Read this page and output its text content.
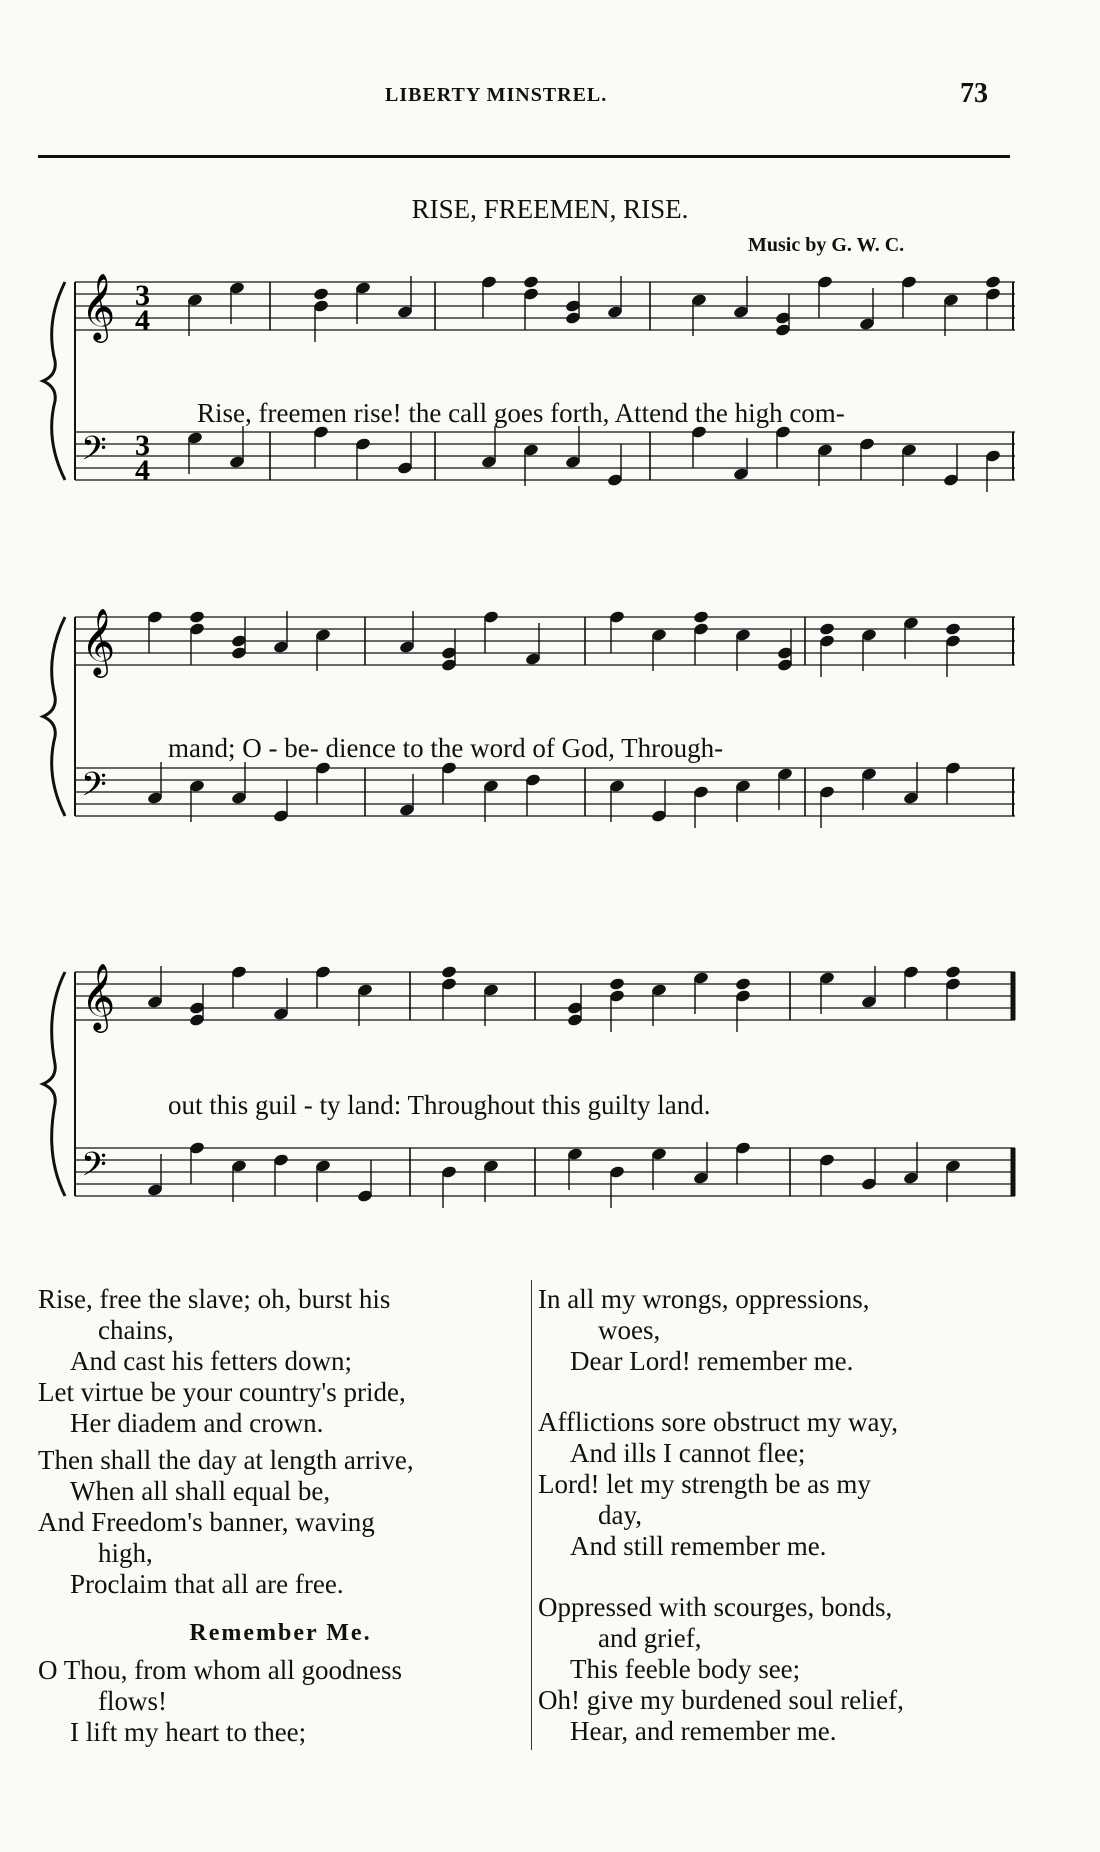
LIBERTY MINSTREL.	73
RISE, FREEMEN, RISE.
Music by G. W. C.
𝄞
𝄢
3
4
3
4
𝄞
𝄢
𝄞
𝄢
Rise, freemen rise! the call goes forth, Attend the high com-
mand; O - be- dience to the word of God, Through-
out this guil - ty land: Throughout this guilty land.

Rise, free the slave; oh, burst his

chains,

And cast his fetters down;

Let virtue be your country's pride,

Her diadem and crown.

Then shall the day at length arrive,

When all shall equal be,

And Freedom's banner, waving

high,

Proclaim that all are free.

Remember Me.

O Thou, from whom all goodness

flows!

I lift my heart to thee;

In all my wrongs, oppressions,

woes,

Dear Lord! remember me.

Afflictions sore obstruct my way,

And ills I cannot flee;

Lord! let my strength be as my

day,

And still remember me.

Oppressed with scourges, bonds,

and grief,

This feeble body see;

Oh! give my burdened soul relief,

Hear, and remember me.
